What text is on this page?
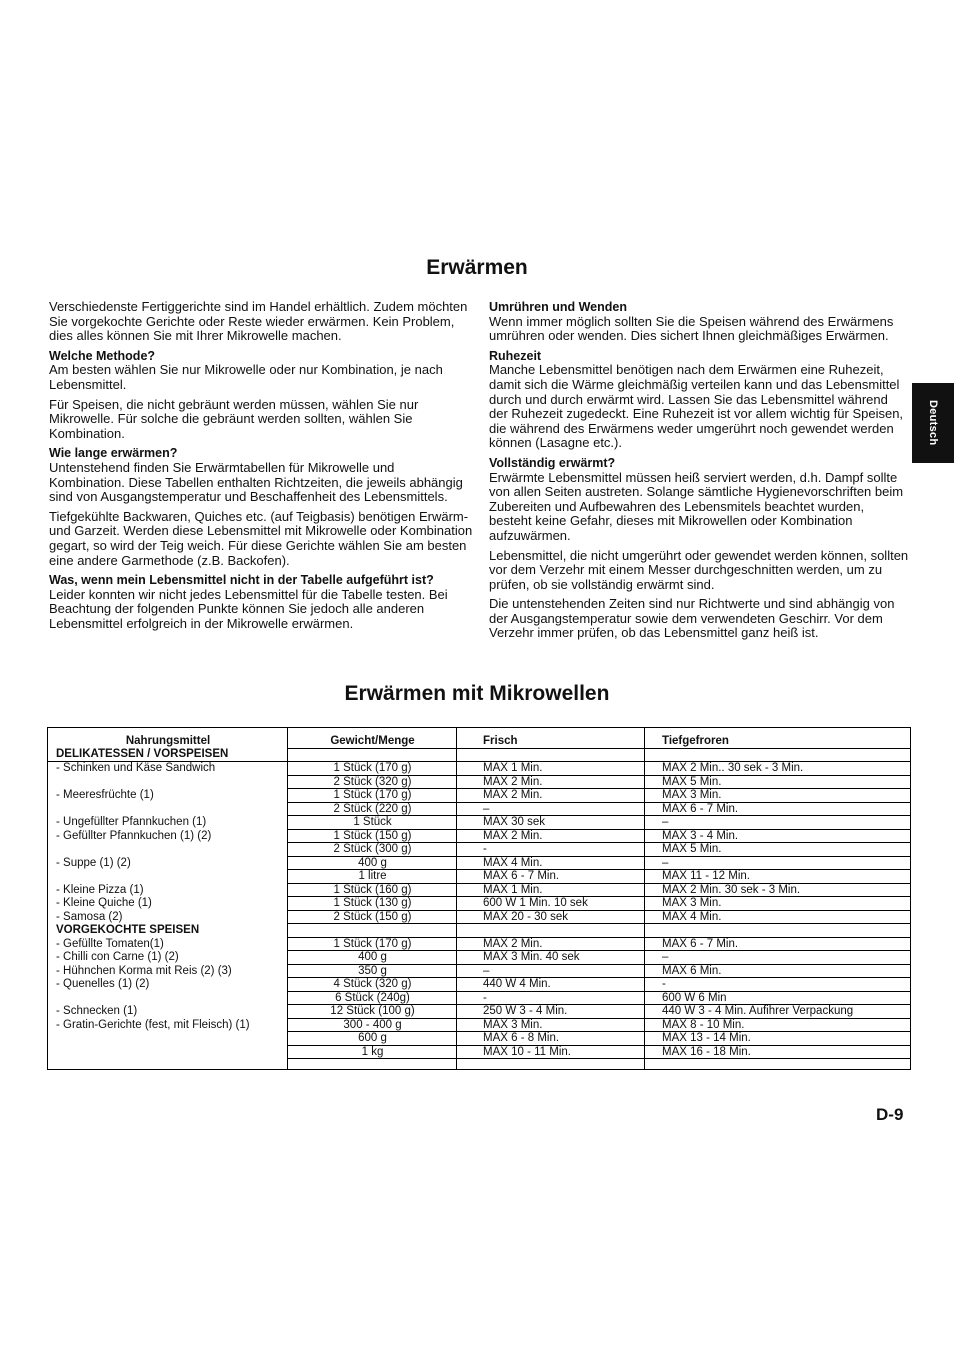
Erwärmen

Verschiedenste Fertiggerichte sind im Handel erhältlich. Zudem möchten Sie vorgekochte Gerichte oder Reste wieder erwärmen. Kein Problem, dies alles können Sie mit Ihrer Mikrowelle machen.

Welche Methode?

Am besten wählen Sie nur Mikrowelle oder nur Kombination, je nach Lebensmittel.

Für Speisen, die nicht gebräunt werden müssen, wählen Sie nur Mikrowelle. Für solche die gebräunt werden sollten, wählen Sie Kombination.

Wie lange erwärmen?

Untenstehend finden Sie Erwärmtabellen für Mikrowelle und Kombination. Diese Tabellen enthalten Richtzeiten, die jeweils abhängig sind von Ausgangstemperatur und Beschaffenheit des Lebensmittels.

Tiefgekühlte Backwaren, Quiches etc. (auf Teigbasis) benötigen Erwärm-und Garzeit. Werden diese Lebensmittel mit Mikrowelle oder Kombination gegart, so wird der Teig weich. Für diese Gerichte wählen Sie am besten eine andere Garmethode (z.B. Backofen).

Was, wenn mein Lebensmittel nicht in der Tabelle aufgeführt ist?

Leider konnten wir nicht jedes Lebensmittel für die Tabelle testen. Bei Beachtung der folgenden Punkte können Sie jedoch alle anderen Lebensmittel erfolgreich in der Mikrowelle erwärmen.

Umrühren und Wenden

Wenn immer möglich sollten Sie die Speisen während des Erwärmens umrühren oder wenden. Dies sichert Ihnen gleichmäßiges Erwärmen.

Ruhezeit

Manche Lebensmittel benötigen nach dem Erwärmen eine Ruhezeit, damit sich die Wärme gleichmäßig verteilen kann und das Lebensmittel durch und durch erwärmt wird. Lassen Sie das Lebensmittel während der Ruhezeit zugedeckt. Eine Ruhezeit ist vor allem wichtig für Speisen, die während des Erwärmens weder umgerührt noch gewendet werden können (Lasagne etc.).

Vollständig erwärmt?

Erwärmte Lebensmittel müssen heiß serviert werden, d.h. Dampf sollte von allen Seiten austreten. Solange sämtliche Hygienevorschriften beim Zubereiten und Aufbewahren des Lebensmitels beachtet wurden, besteht keine Gefahr, dieses mit Mikrowellen oder Kombination aufzuwärmen.

Lebensmittel, die nicht umgerührt oder gewendet werden können, sollten vor dem Verzehr mit einem Messer durchgeschnitten werden, um zu prüfen, ob sie vollständig erwärmt sind.

Die untenstehenden Zeiten sind nur Richtwerte und sind abhängig von der Ausgangstemperatur sowie dem verwendeten Geschirr. Vor dem Verzehr immer prüfen, ob das Lebensmittel ganz heiß ist.

Deutsch
Erwärmen mit Mikrowellen
Nahrungsmittel	Gewicht/Menge	Frisch	Tiefgefroren
DELIKATESSEN / VORSPEISEN			
- Schinken und Käse Sandwich	1 Stück (170 g)	MAX 1 Min.	MAX 2 Min.. 30 sek - 3 Min.
	2 Stück (320 g)	MAX 2 Min.	MAX 5 Min.
- Meeresfrüchte (1)	1 Stück (170 g)	MAX 2 Min.	MAX 3 Min.
	2 Stück (220 g)	–	MAX 6 - 7 Min.
- Ungefüllter Pfannkuchen (1)	1 Stück	MAX 30 sek	–
- Gefüllter Pfannkuchen (1) (2)	1 Stück (150 g)	MAX 2 Min.	MAX 3 - 4 Min.
	2 Stück (300 g)	-	MAX 5 Min.
- Suppe (1) (2)	400 g	MAX 4 Min.	–
	1 litre	MAX 6 - 7 Min.	MAX 11 - 12 Min.
- Kleine Pizza (1)	1 Stück (160 g)	MAX 1 Min.	MAX 2 Min. 30 sek - 3 Min.
- Kleine Quiche (1)	1 Stück (130 g)	600 W 1 Min. 10 sek	MAX 3 Min.
- Samosa (2)	2 Stück (150 g)	MAX 20 - 30 sek	MAX 4 Min.
VORGEKOCHTE SPEISEN			
- Gefüllte Tomaten(1)	1 Stück (170 g)	MAX 2 Min.	MAX 6 - 7 Min.
- Chilli con Carne (1) (2)	400 g	MAX 3 Min. 40 sek	–
- Hühnchen Korma mit Reis (2) (3)	350 g	–	MAX 6 Min.
- Quenelles (1) (2)	4 Stück (320 g)	440 W 4 Min.	-
	6 Stück (240g)	-	600 W 6 Min
- Schnecken (1)	12 Stück (100 g)	250 W 3 - 4 Min.	440 W 3 - 4 Min. Aufihrer Verpackung
- Gratin-Gerichte (fest, mit Fleisch) (1)	300 - 400 g	MAX 3 Min.	MAX 8 - 10 Min.
	600 g	MAX 6 - 8 Min.	MAX 13 - 14 Min.
	1 kg	MAX 10 - 11 Min.	MAX 16 - 18 Min.
D-9
